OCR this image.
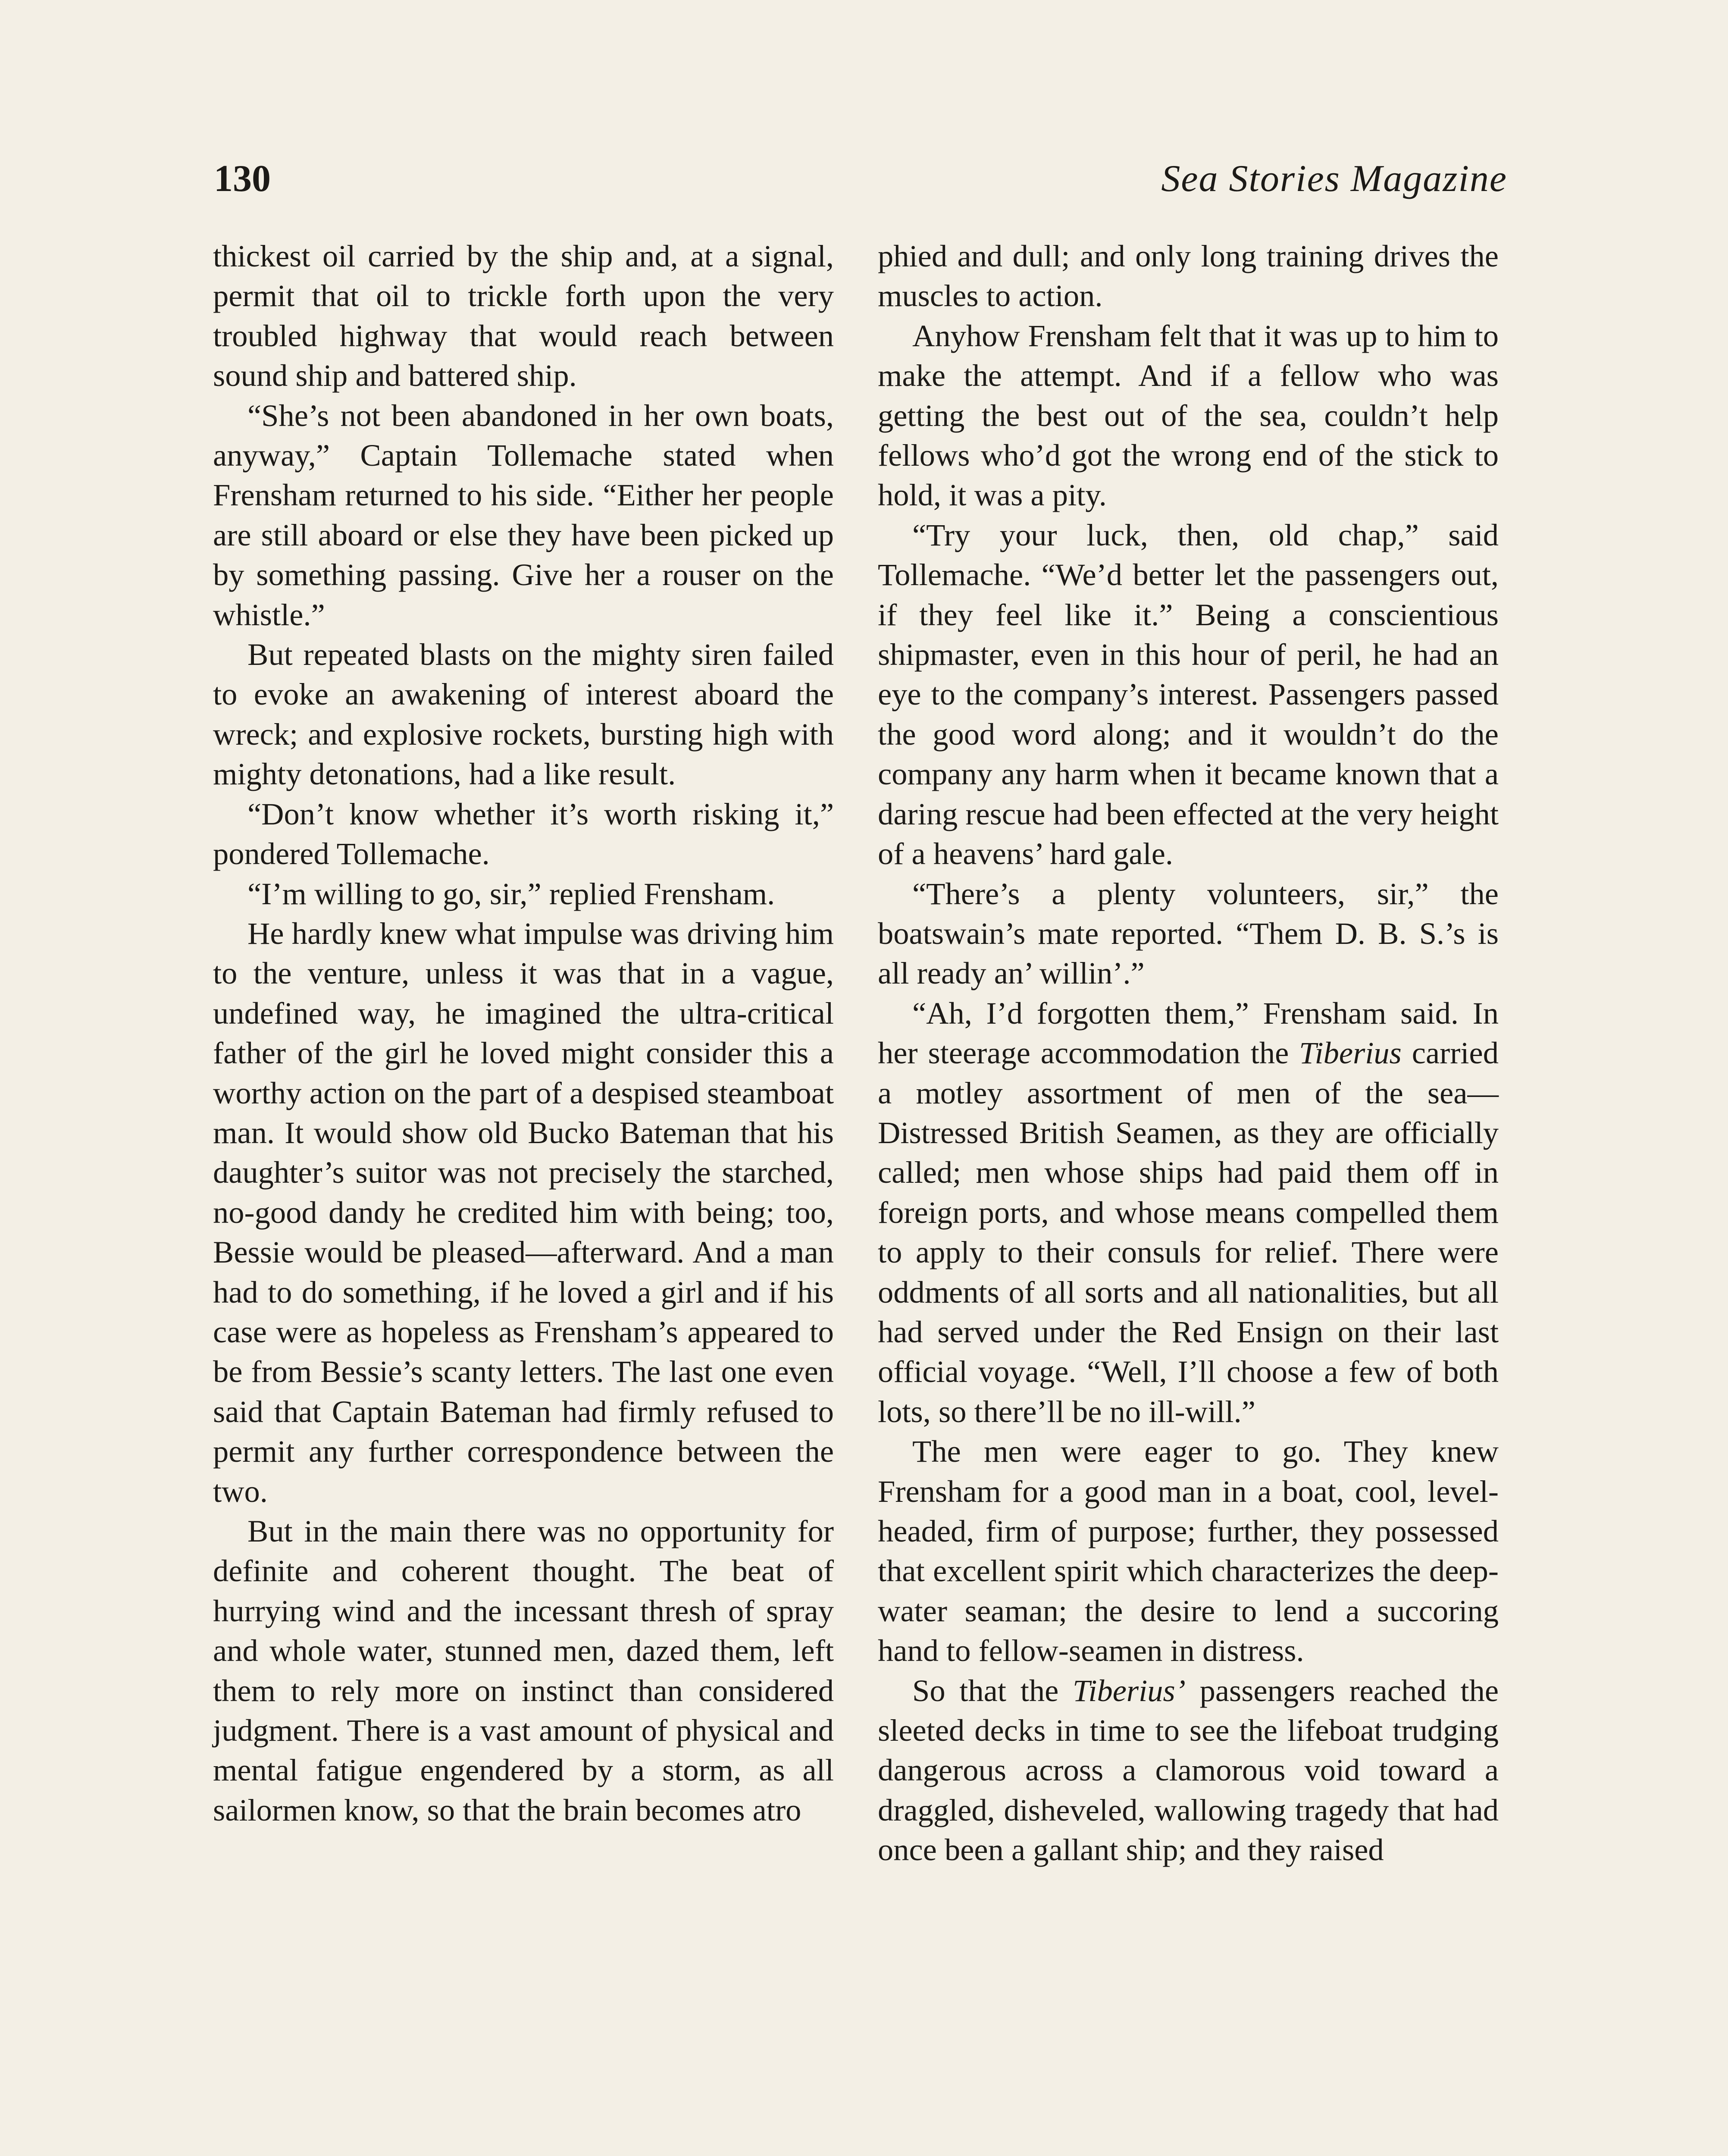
130	Sea Stories Magazine

thickest oil carried by the ship and, at a signal, permit that oil to trickle forth upon the very troubled highway that would reach between sound ship and battered ship.

“She’s not been abandoned in her own boats, anyway,” Captain Tollemache stated when Frensham returned to his side. “Either her people are still aboard or else they have been picked up by something passing. Give her a rouser on the whistle.”

But repeated blasts on the mighty siren failed to evoke an awakening of interest aboard the wreck; and explosive rockets, bursting high with mighty detonations, had a like result.

“Don’t know whether it’s worth risking it,” pondered Tollemache.

“I’m willing to go, sir,” replied Frensham.

He hardly knew what impulse was driving him to the venture, unless it was that in a vague, undefined way, he imagined the ultra-critical father of the girl he loved might consider this a worthy action on the part of a despised steamboat man. It would show old Bucko Bateman that his daughter’s suitor was not precisely the starched, no-good dandy he credited him with being; too, Bessie would be pleased—afterward. And a man had to do something, if he loved a girl and if his case were as hopeless as Frensham’s appeared to be from Bessie’s scanty letters. The last one even said that Captain Bateman had firmly refused to permit any further correspondence between the two.

But in the main there was no opportunity for definite and coherent thought. The beat of hurrying wind and the incessant thresh of spray and whole water, stunned men, dazed them, left them to rely more on instinct than considered judgment. There is a vast amount of physical and mental fatigue engendered by a storm, as all sailormen know, so that the brain becomes atro

phied and dull; and only long training drives the muscles to action.

Anyhow Frensham felt that it was up to him to make the attempt. And if a fellow who was getting the best out of the sea, couldn’t help fellows who’d got the wrong end of the stick to hold, it was a pity.

“Try your luck, then, old chap,” said Tollemache. “We’d better let the passengers out, if they feel like it.” Being a conscientious shipmaster, even in this hour of peril, he had an eye to the company’s interest. Passengers passed the good word along; and it wouldn’t do the company any harm when it became known that a daring rescue had been effected at the very height of a heavens’ hard gale.

“There’s a plenty volunteers, sir,” the boatswain’s mate reported. “Them D. B. S.’s is all ready an’ willin’.”

“Ah, I’d forgotten them,” Frensham said. In her steerage accommodation the Tiberius carried a motley assortment of men of the sea—Distressed British Seamen, as they are officially called; men whose ships had paid them off in foreign ports, and whose means compelled them to apply to their consuls for relief. There were oddments of all sorts and all nationalities, but all had served under the Red Ensign on their last official voyage. “Well, I’ll choose a few of both lots, so there’ll be no ill-will.”

The men were eager to go. They knew Frensham for a good man in a boat, cool, level-headed, firm of purpose; further, they possessed that excellent spirit which characterizes the deep-water seaman; the desire to lend a succoring hand to fellow-seamen in distress.

So that the Tiberius’ passengers reached the sleeted decks in time to see the lifeboat trudging dangerous across a clamorous void toward a draggled, disheveled, wallowing tragedy that had once been a gallant ship; and they raised
